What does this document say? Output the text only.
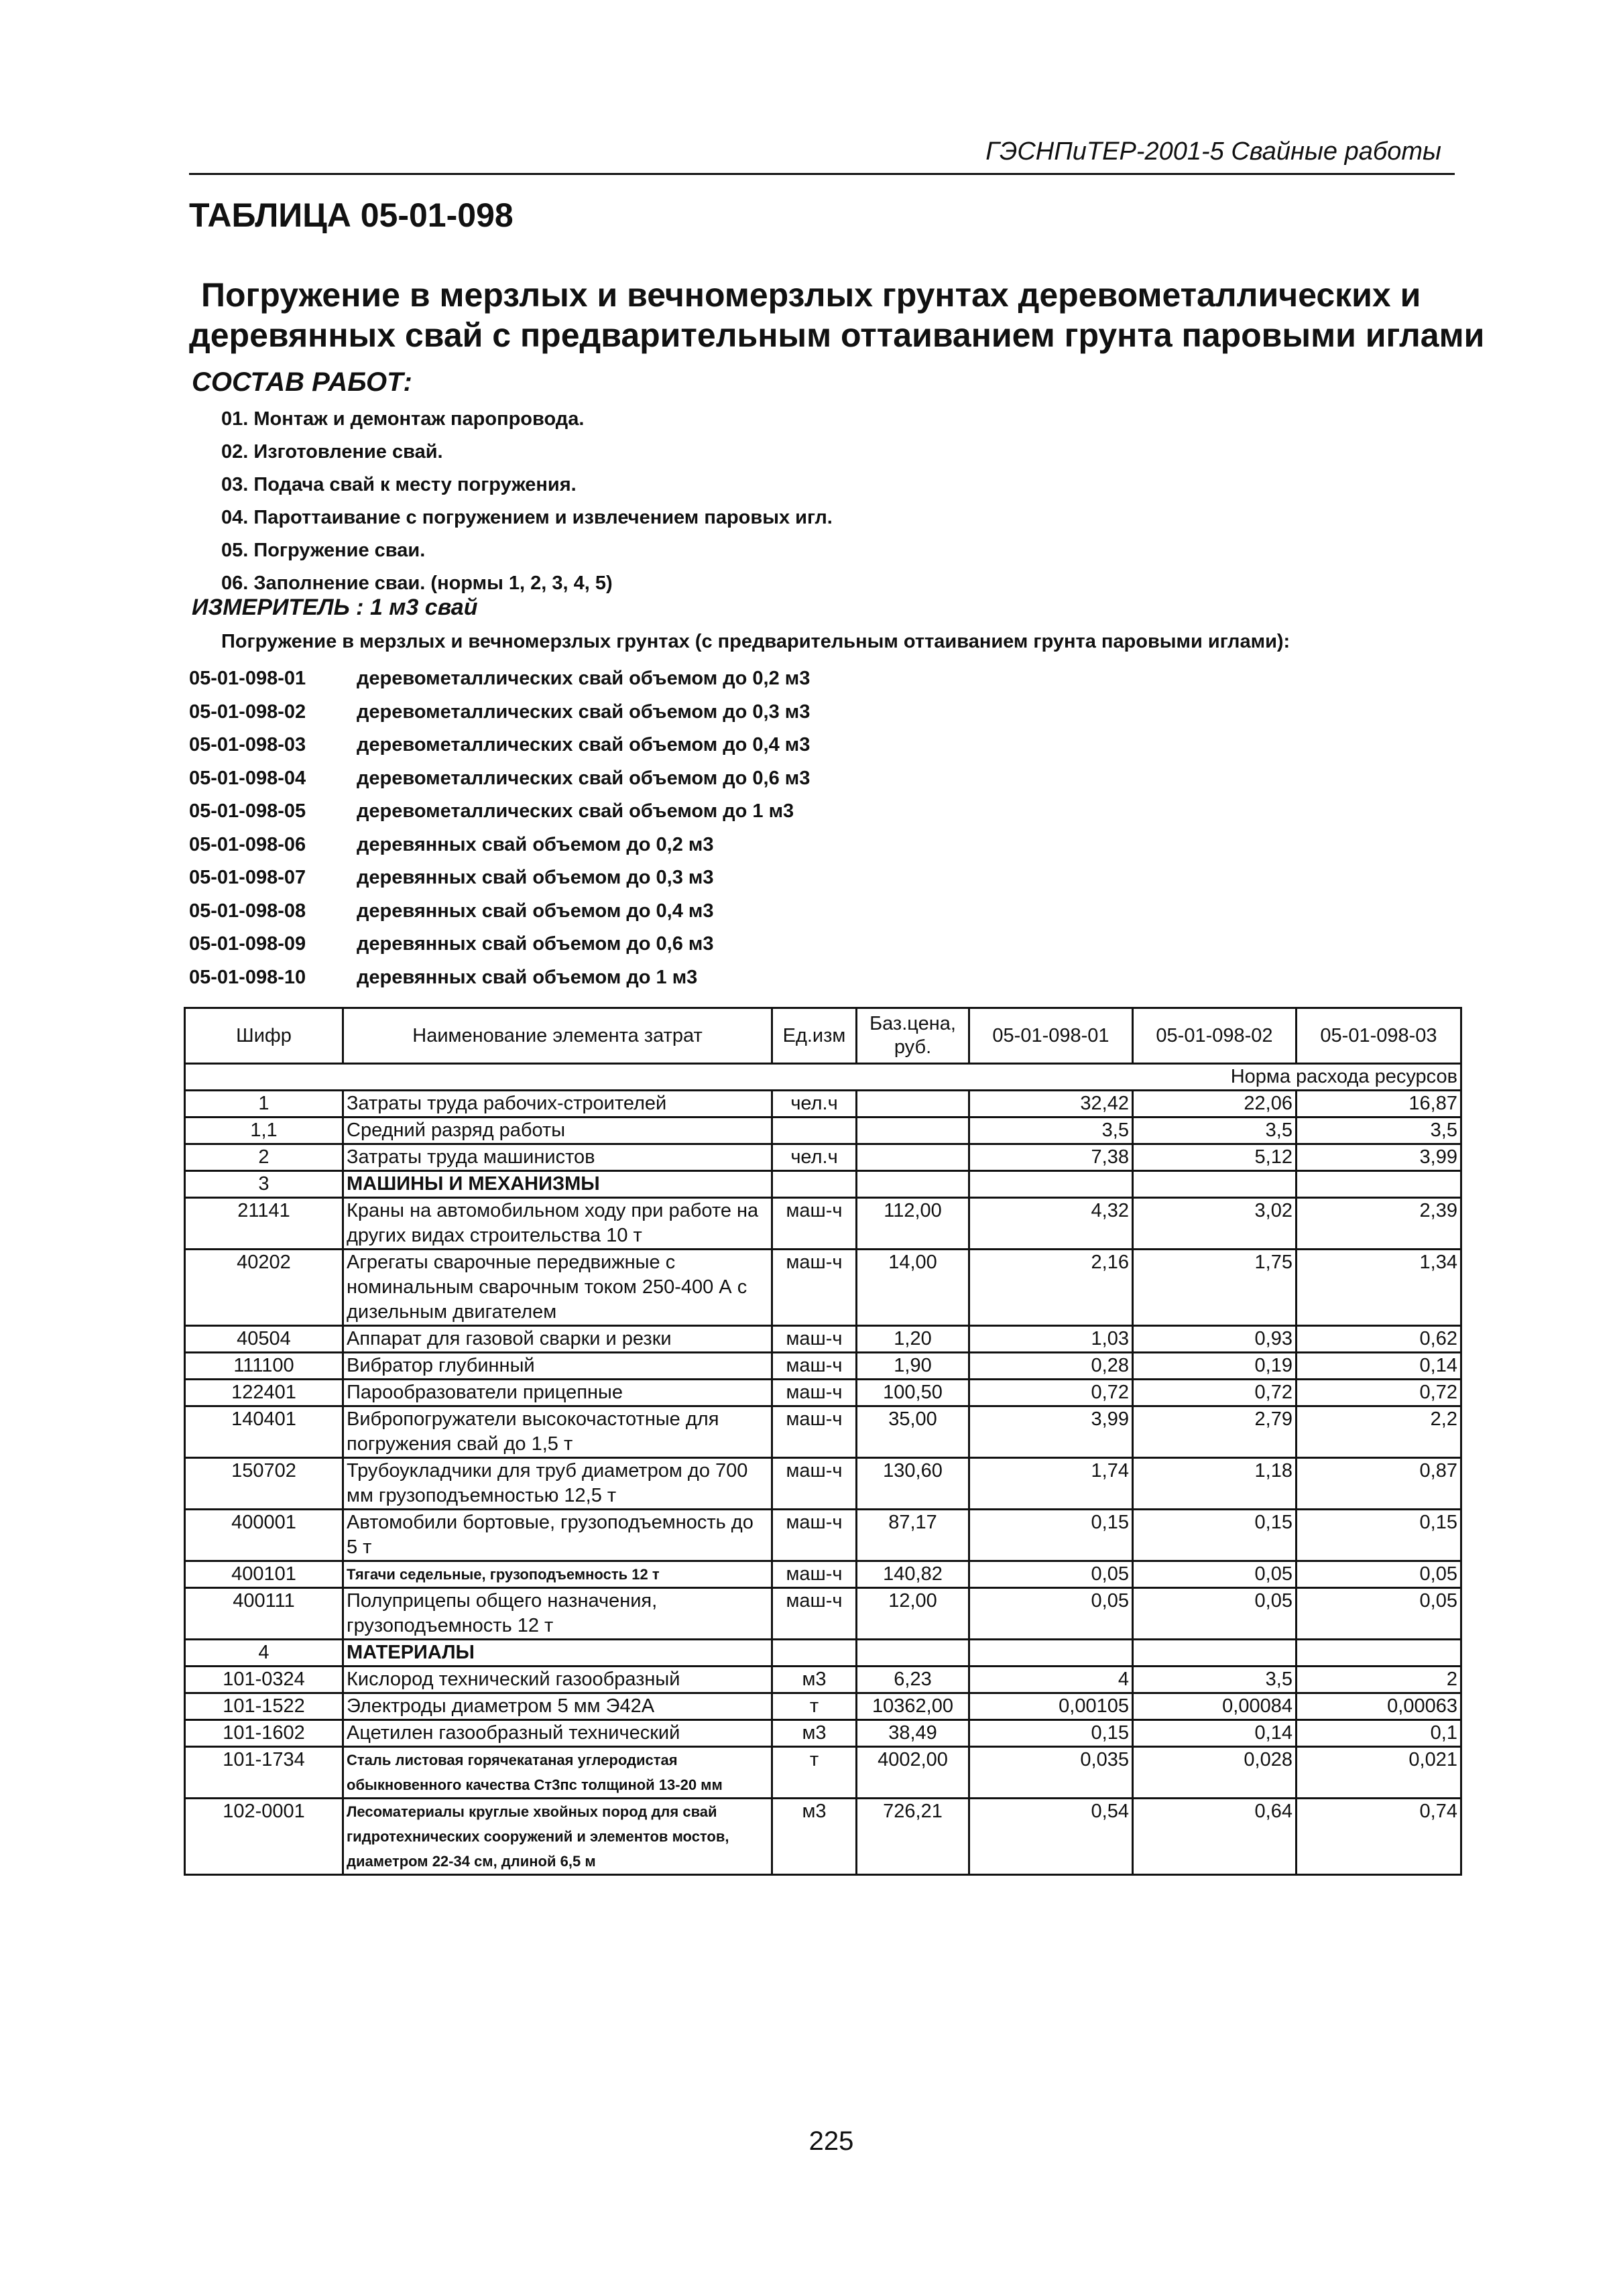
ГЭСНПиТЕР-2001-5 Свайные работы
ТАБЛИЦА 05-01-098
Погружение в мерзлых и вечномерзлых грунтах деревометаллических и
деревянных свай с предварительным оттаиванием грунта паровыми иглами
СОСТАВ РАБОТ:
01. Монтаж и демонтаж паропровода.
02. Изготовление свай.
03. Подача свай к месту погружения.
04. Пароттаивание с погружением и извлечением паровых игл.
05. Погружение сваи.
06. Заполнение сваи. (нормы 1, 2, 3, 4, 5)
ИЗМЕРИТЕЛЬ : 1 м3 свай
Погружение в мерзлых и вечномерзлых грунтах (с предварительным оттаиванием грунта паровыми иглами):
05-01-098-01	деревометаллических свай объемом до 0,2 м3
05-01-098-02	деревометаллических свай объемом до 0,3 м3
05-01-098-03	деревометаллических свай объемом до 0,4 м3
05-01-098-04	деревометаллических свай объемом до 0,6 м3
05-01-098-05	деревометаллических свай объемом до 1 м3
05-01-098-06	деревянных свай объемом до 0,2 м3
05-01-098-07	деревянных свай объемом до 0,3 м3
05-01-098-08	деревянных свай объемом до 0,4 м3
05-01-098-09	деревянных свай объемом до 0,6 м3
05-01-098-10	деревянных свай объемом до 1 м3
Шифр	Наименование элемента затрат	Ед.изм	Баз.цена, руб.	05-01-098-01	05-01-098-02	05-01-098-03
Норма расхода ресурсов						
1	Затраты труда рабочих-строителей	чел.ч		32,42	22,06	16,87
1,1	Средний разряд работы			3,5	3,5	3,5
2	Затраты труда машинистов	чел.ч		7,38	5,12	3,99
3	МАШИНЫ И МЕХАНИЗМЫ					
21141	Краны на автомобильном ходу при работе на других видах строительства 10 т	маш-ч	112,00	4,32	3,02	2,39
40202	Агрегаты сварочные передвижные с номинальным сварочным током 250-400 А с дизельным двигателем	маш-ч	14,00	2,16	1,75	1,34
40504	Аппарат для газовой сварки и резки	маш-ч	1,20	1,03	0,93	0,62
111100	Вибратор глубинный	маш-ч	1,90	0,28	0,19	0,14
122401	Парообразователи прицепные	маш-ч	100,50	0,72	0,72	0,72
140401	Вибропогружатели высокочастотные для погружения свай до 1,5 т	маш-ч	35,00	3,99	2,79	2,2
150702	Трубоукладчики для труб диаметром до 700 мм грузоподъемностью 12,5 т	маш-ч	130,60	1,74	1,18	0,87
400001	Автомобили бортовые, грузоподъемность до 5 т	маш-ч	87,17	0,15	0,15	0,15
400101	Тягачи седельные, грузоподъемность 12 т	маш-ч	140,82	0,05	0,05	0,05
400111	Полуприцепы общего назначения, грузоподъемность 12 т	маш-ч	12,00	0,05	0,05	0,05
4	МАТЕРИАЛЫ					
101-0324	Кислород технический газообразный	м3	6,23	4	3,5	2
101-1522	Электроды диаметром 5 мм Э42А	т	10362,00	0,00105	0,00084	0,00063
101-1602	Ацетилен газообразный технический	м3	38,49	0,15	0,14	0,1
101-1734	Сталь листовая горячекатаная углеродистая обыкновенного качества Ст3пс толщиной 13-20 мм	т	4002,00	0,035	0,028	0,021
102-0001	Лесоматериалы круглые хвойных пород для свай гидротехнических сооружений и элементов мостов, диаметром 22-34 см, длиной 6,5 м	м3	726,21	0,54	0,64	0,74
225
